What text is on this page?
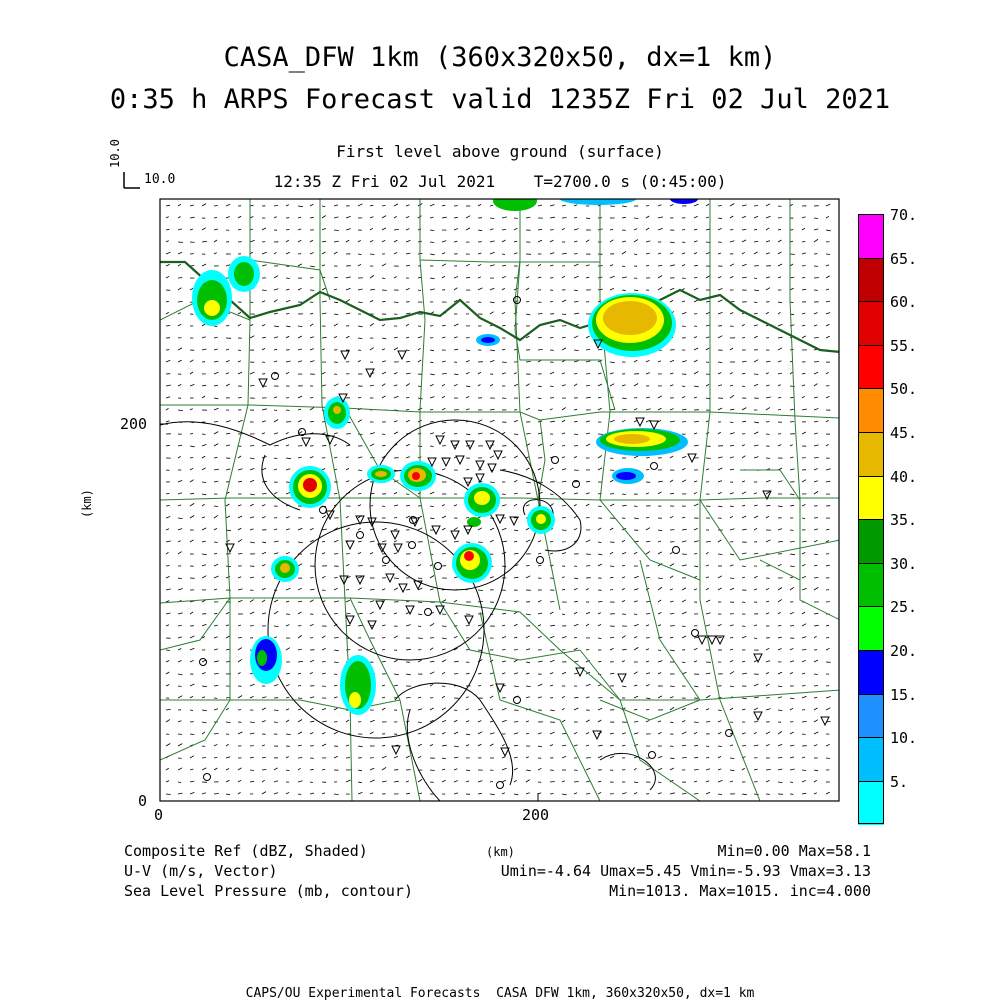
CASA_DFW 1km (360x320x50, dx=1 km)
0:35 h ARPS Forecast valid 1235Z Fri 02 Jul 2021
First level above ground (surface)
12:35 Z Fri 02 Jul 2021    T=2700.0 s (0:45:00)
10.0
10.0
0	200
0
200
(km)
70.
65.
60.
55.
50.
45.
40.
35.
30.
25.
20.
15.
10.
5.
Composite Ref (dBZ, Shaded)
U-V (m/s, Vector)
Sea Level Pressure (mb, contour)
(km)	Min=0.00 Max=58.1
Umin=-4.64 Umax=5.45 Vmin=-5.93 Vmax=3.13
Min=1013. Max=1015. inc=4.000
CAPS/OU Experimental Forecasts  CASA DFW 1km, 360x320x50, dx=1 km
